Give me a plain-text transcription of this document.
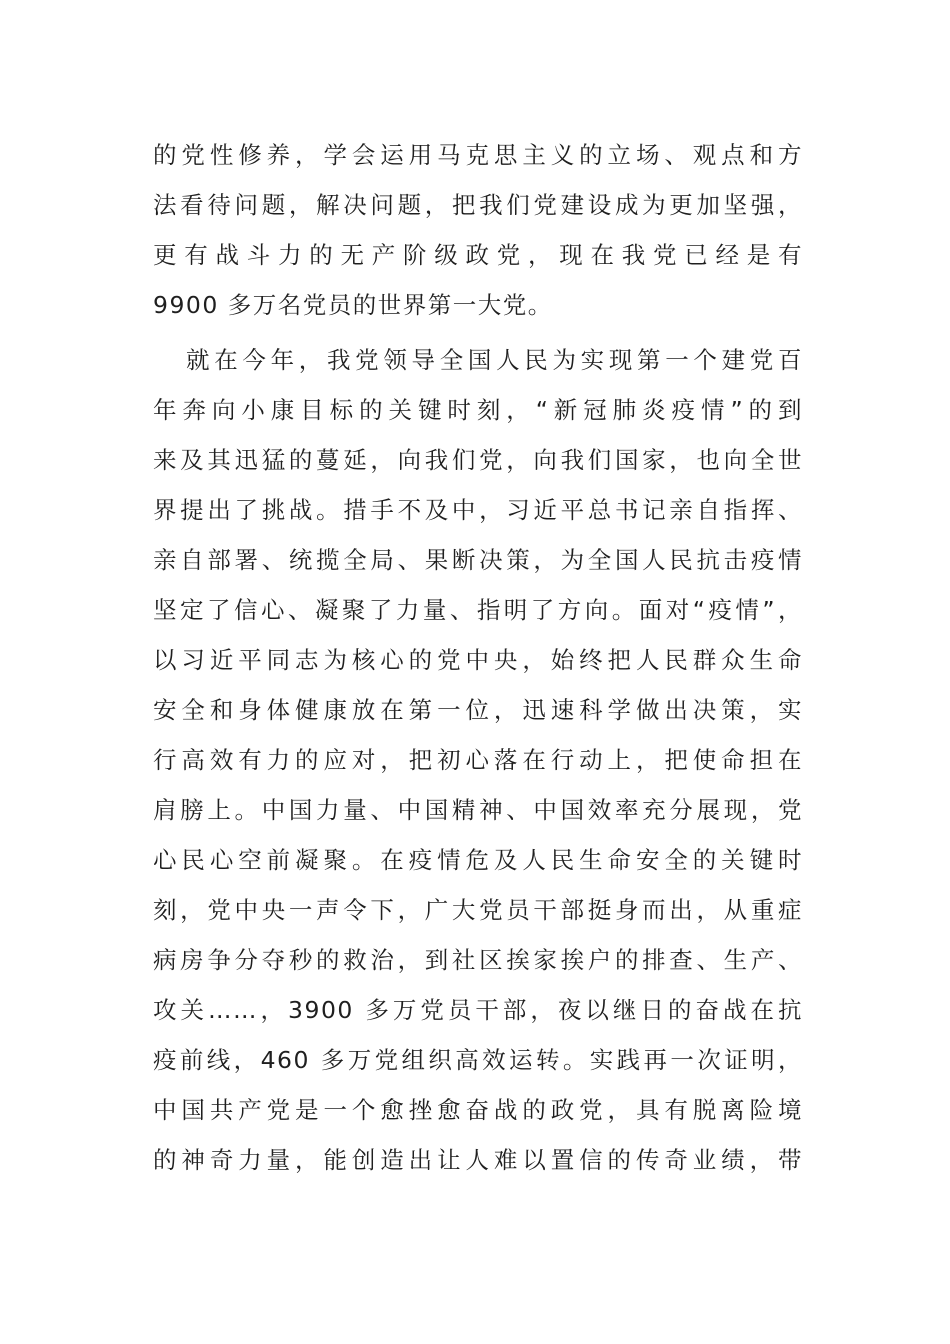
的党性修养，学会运用马克思主义的立场、观点和方
法看待问题，解决问题，把我们党建设成为更加坚强，
更有战斗力的无产阶级政党，现在我党已经是有
9900 多万名党员的世界第一大党。
就在今年，我党领导全国人民为实现第一个建党百
年奔向小康目标的关键时刻，“新冠肺炎疫情”的到
来及其迅猛的蔓延，向我们党，向我们国家，也向全世
界提出了挑战。措手不及中，习近平总书记亲自指挥、
亲自部署、统揽全局、果断决策，为全国人民抗击疫情
坚定了信心、凝聚了力量、指明了方向。面对“疫情”，
以习近平同志为核心的党中央，始终把人民群众生命
安全和身体健康放在第一位，迅速科学做出决策，实
行高效有力的应对，把初心落在行动上，把使命担在
肩膀上。中国力量、中国精神、中国效率充分展现，党
心民心空前凝聚。在疫情危及人民生命安全的关键时
刻，党中央一声令下，广大党员干部挺身而出，从重症
病房争分夺秒的救治，到社区挨家挨户的排查、生产、
攻关……，3900 多万党员干部，夜以继日的奋战在抗
疫前线，460 多万党组织高效运转。实践再一次证明，
中国共产党是一个愈挫愈奋战的政党，具有脱离险境
的神奇力量，能创造出让人难以置信的传奇业绩，带
